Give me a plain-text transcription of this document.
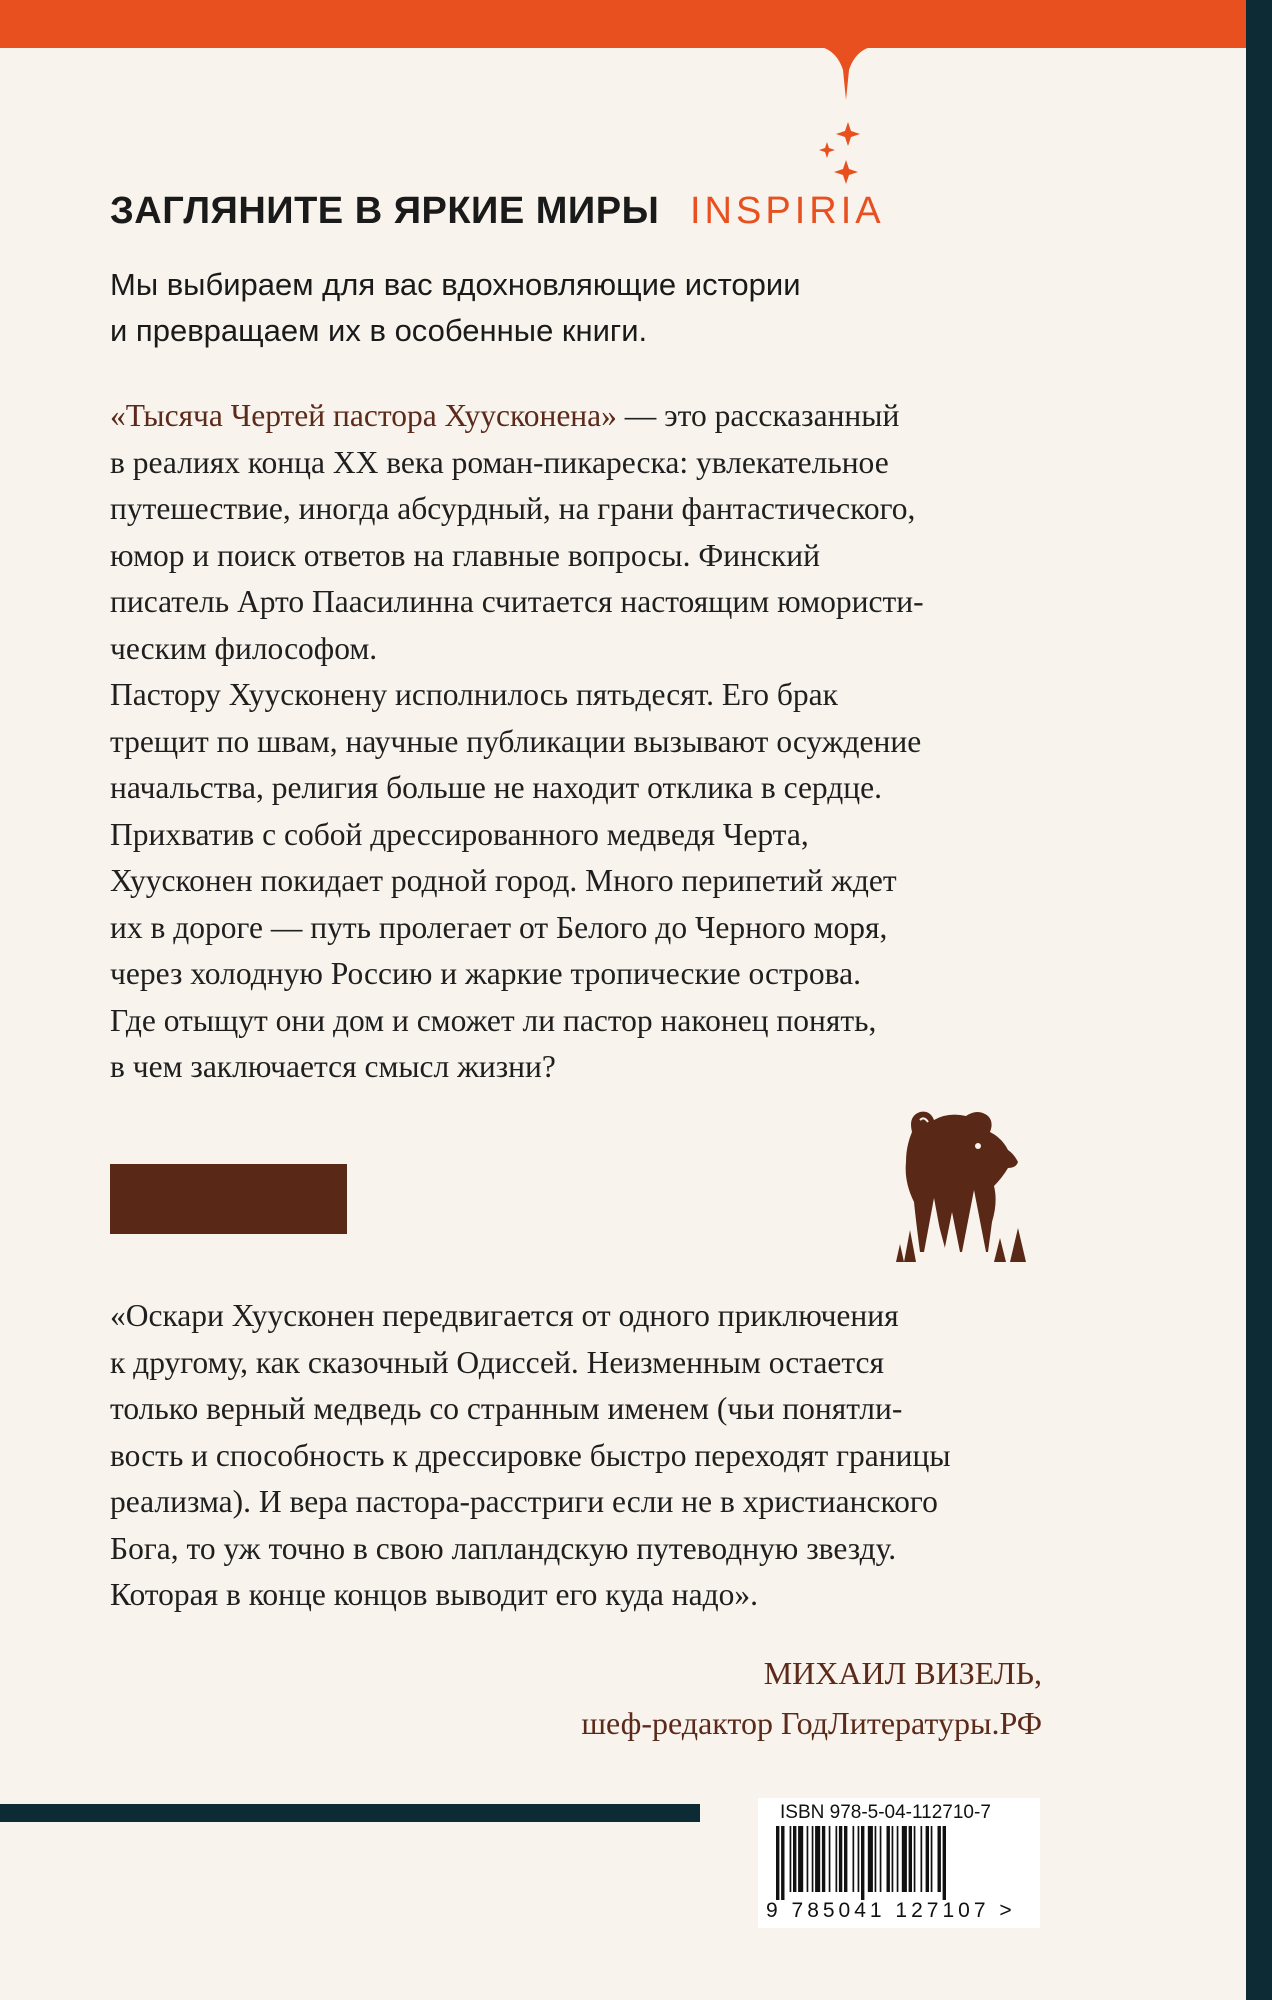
ЗАГЛЯНИТЕ В ЯРКИЕ МИРЫ INSPIRIA
Мы выбираем для вас вдохновляющие истории
и превращаем их в особенные книги.
«Тысяча Чертей пастора Хуусконена» — это рассказанный
в реалиях конца XX века роман-пикареска: увлекательное
путешествие, иногда абсурдный, на грани фантастического,
юмор и поиск ответов на главные вопросы. Финский
писатель Арто Паасилинна считается настоящим юмористи-
ческим философом.
Пастору Хуусконену исполнилось пятьдесят. Его брак
трещит по швам, научные публикации вызывают осуждение
начальства, религия больше не находит отклика в сердце.
Прихватив с собой дрессированного медведя Черта,
Хуусконен покидает родной город. Много перипетий ждет
их в дороге — путь пролегает от Белого до Черного моря,
через холодную Россию и жаркие тропические острова.
Где отыщут они дом и сможет ли пастор наконец понять,
в чем заключается смысл жизни?
«Оскари Хуусконен передвигается от одного приключения
к другому, как сказочный Одиссей. Неизменным остается
только верный медведь со странным именем (чьи понятли-
вость и способность к дрессировке быстро переходят границы
реализма). И вера пастора-расстриги если не в христианского
Бога, то уж точно в свою лапландскую путеводную звезду.
Которая в конце концов выводит его куда надо».
МИХАИЛ ВИЗЕЛЬ,
шеф-редактор ГодЛитературы.РФ
ISBN 978-5-04-112710-7
9 785041 127107 >
